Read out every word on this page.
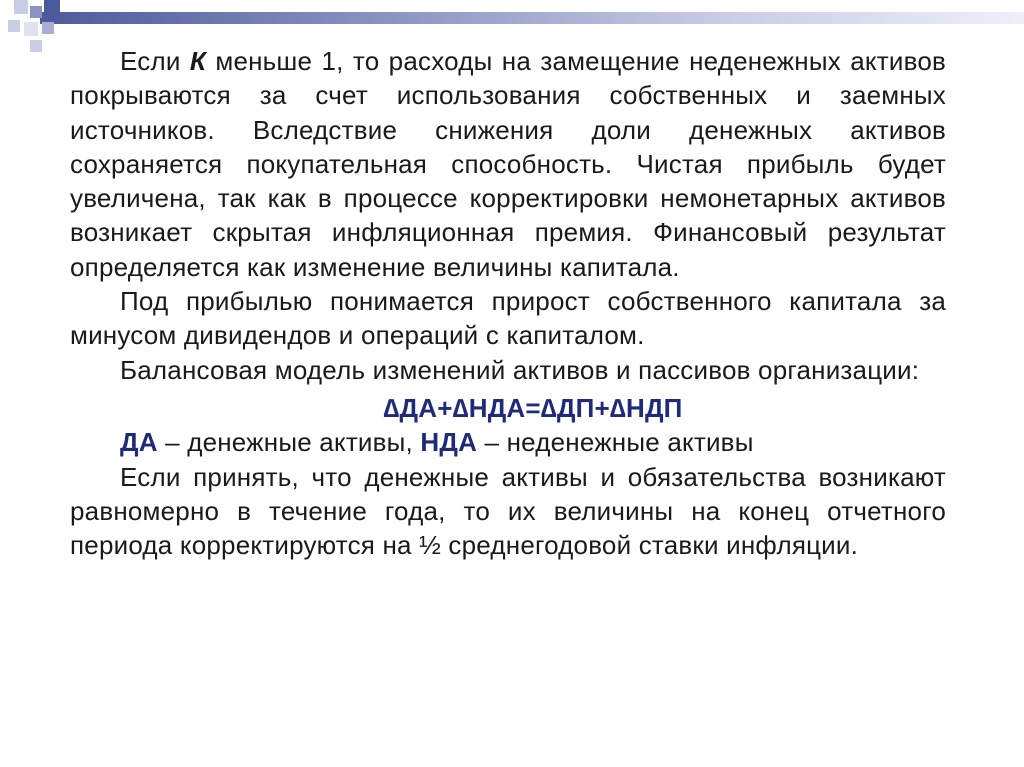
Если К меньше 1, то расходы на замещение неденежных активов покрываются за счет использования собственных и заемных источников. Вследствие снижения доли денежных активов сохраняется покупательная способность. Чистая прибыль будет увеличена, так как в процессе корректировки немонетарных активов возникает скрытая инфляционная премия. Финансовый результат определяется как изменение величины капитала.

Под прибылью понимается прирост собственного капитала за минусом дивидендов и операций с капиталом.

Балансовая модель изменений активов и пассивов организации:

∆ДА+∆НДА=∆ДП+∆НДП

ДА – денежные активы, НДА – неденежные активы

Если принять, что денежные активы и обязательства возникают равномерно в течение года, то их величины на конец отчетного периода корректируются на ½ среднегодовой ставки инфляции.
